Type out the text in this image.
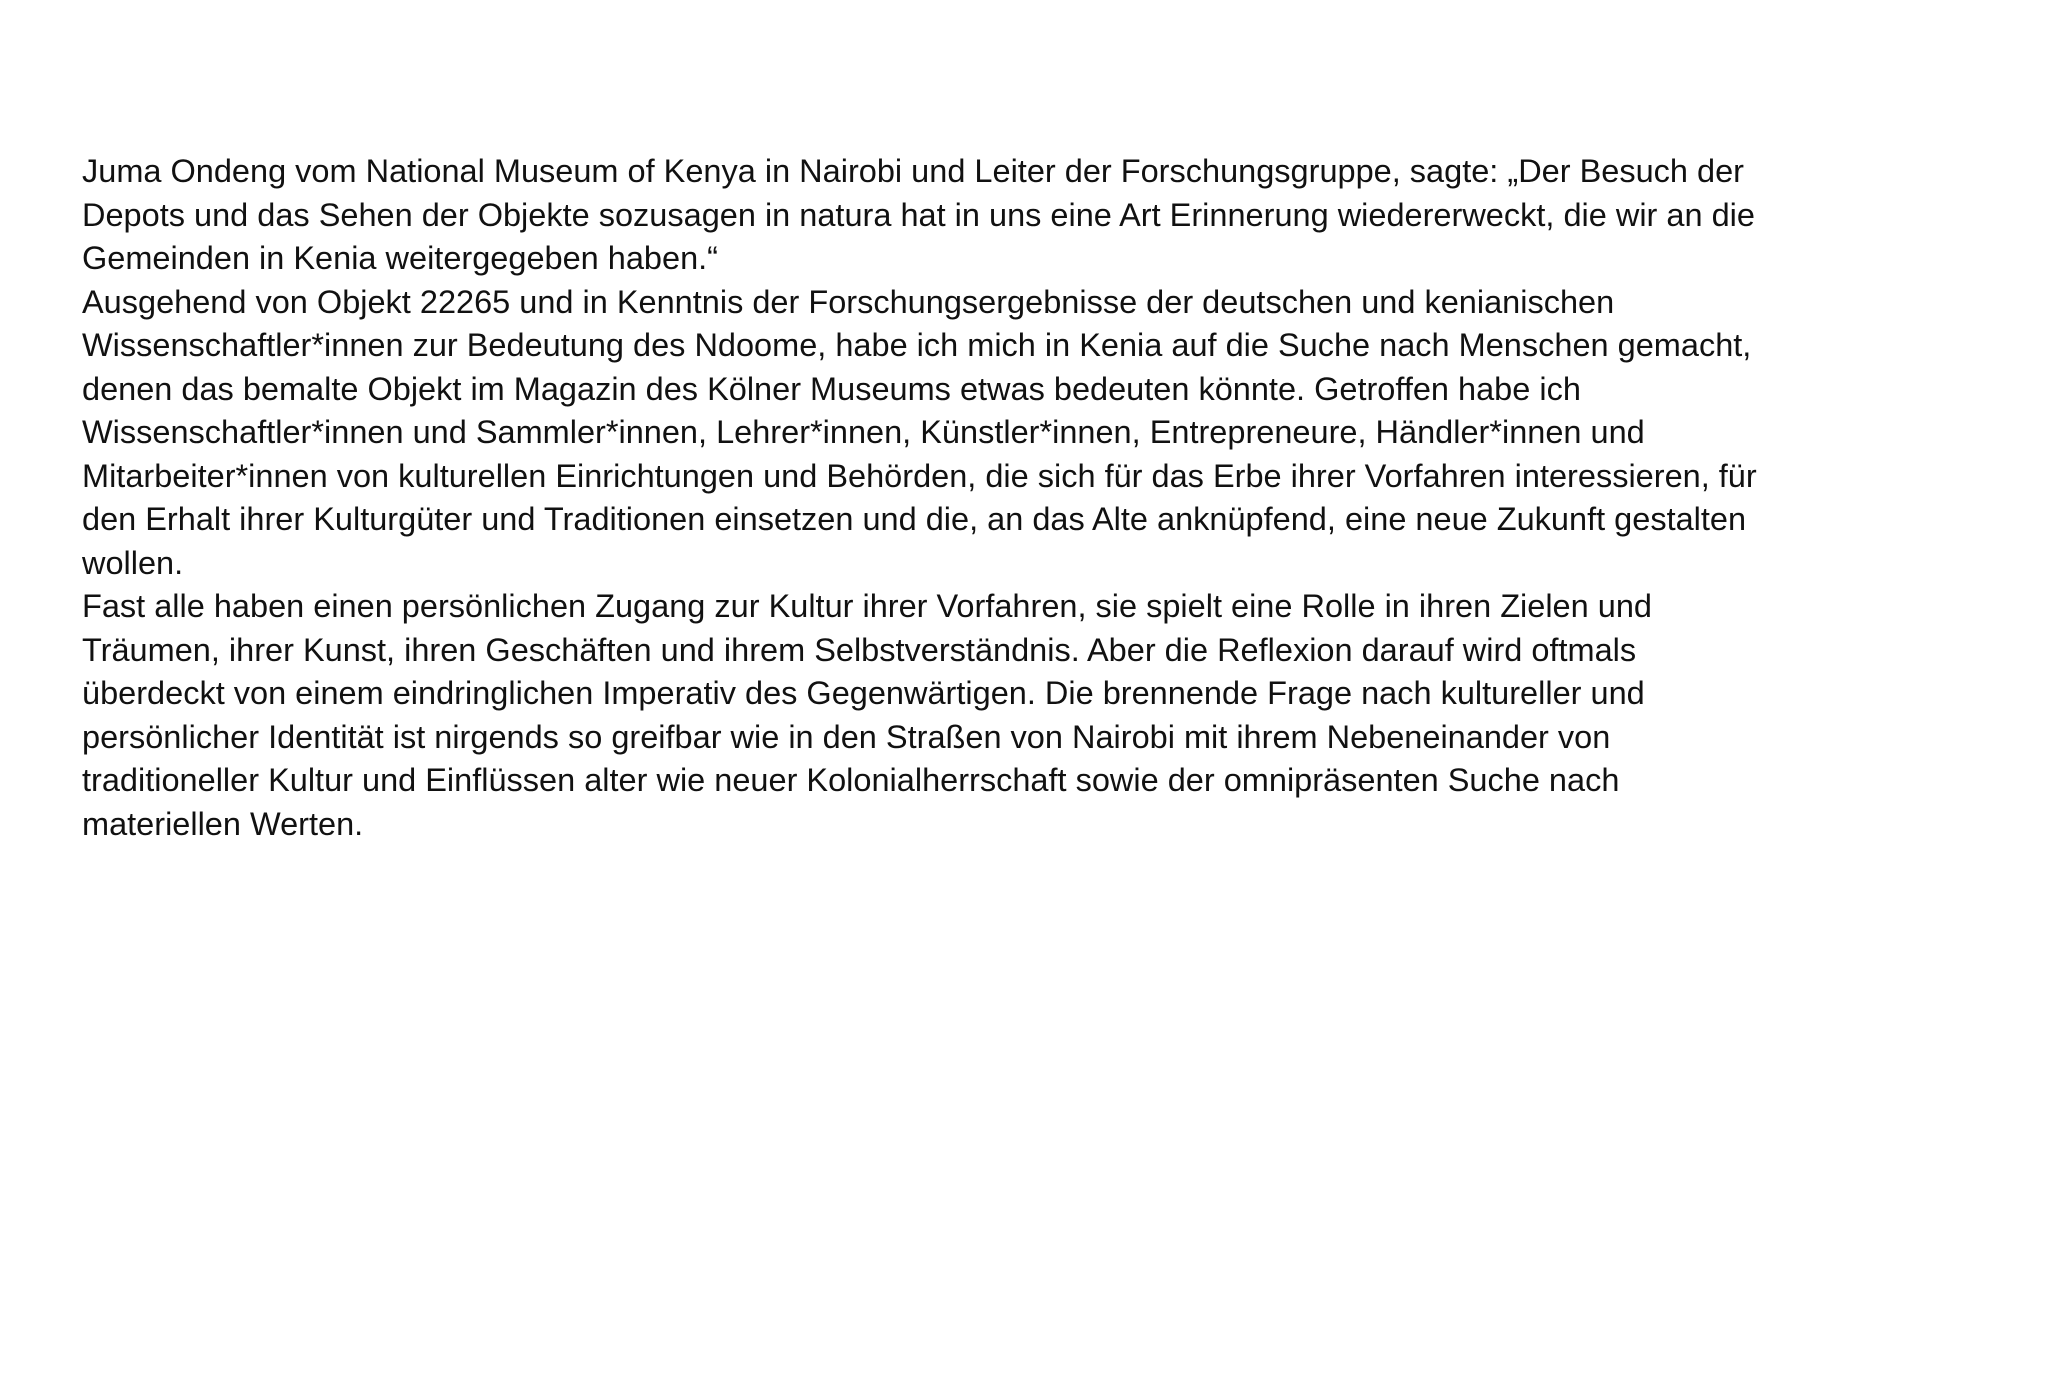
Juma Ondeng vom National Museum of Kenya in Nairobi und Leiter der Forschungsgruppe, sagte: „Der Besuch der
Depots und das Sehen der Objekte sozusagen in natura hat in uns eine Art Erinnerung wiedererweckt, die wir an die
Gemeinden in Kenia weitergegeben haben.“

Ausgehend von Objekt 22265 und in Kenntnis der Forschungsergebnisse der deutschen und kenianischen
Wissenschaftler*innen zur Bedeutung des Ndoome, habe ich mich in Kenia auf die Suche nach Menschen gemacht,
denen das bemalte Objekt im Magazin des Kölner Museums etwas bedeuten könnte. Getroffen habe ich
Wissenschaftler*innen und Sammler*innen, Lehrer*innen, Künstler*innen, Entrepreneure, Händler*innen und
Mitarbeiter*innen von kulturellen Einrichtungen und Behörden, die sich für das Erbe ihrer Vorfahren interessieren, für
den Erhalt ihrer Kulturgüter und Traditionen einsetzen und die, an das Alte anknüpfend, eine neue Zukunft gestalten
wollen.

Fast alle haben einen persönlichen Zugang zur Kultur ihrer Vorfahren, sie spielt eine Rolle in ihren Zielen und
Träumen, ihrer Kunst, ihren Geschäften und ihrem Selbstverständnis. Aber die Reflexion darauf wird oftmals
überdeckt von einem eindringlichen Imperativ des Gegenwärtigen. Die brennende Frage nach kultureller und
persönlicher Identität ist nirgends so greifbar wie in den Straßen von Nairobi mit ihrem Nebeneinander von
traditioneller Kultur und Einflüssen alter wie neuer Kolonialherrschaft sowie der omnipräsenten Suche nach
materiellen Werten.
